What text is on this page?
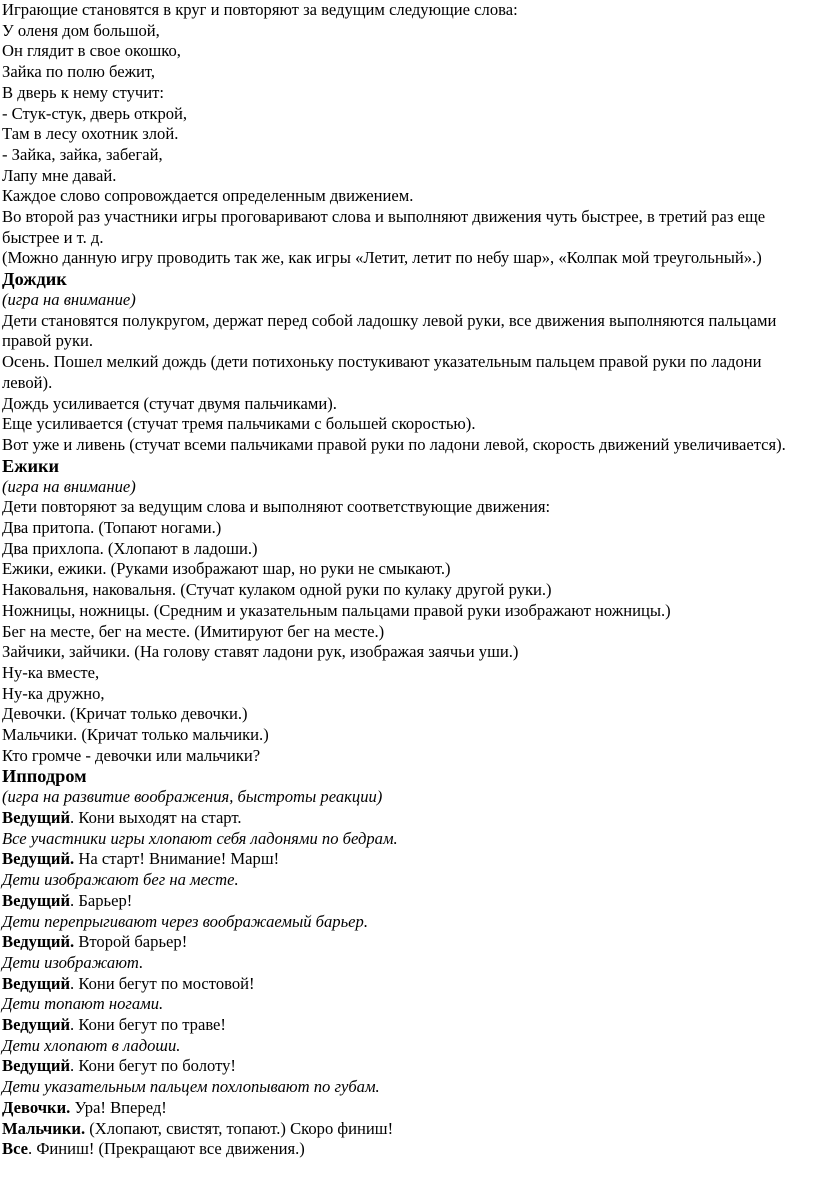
Играющие становятся в круг и повторяют за ведущим следующие слова:

У оленя дом большой,

Он глядит в свое окошко,

Зайка по полю бежит,

В дверь к нему стучит:

- Стук-стук, дверь открой,

Там в лесу охотник злой.

- Зайка, зайка, забегай,

Лапу мне давай.

Каждое слово сопровождается определенным движением.

Во второй раз участники игры проговаривают слова и выполняют движения чуть быстрее, в третий раз еще быстрее и т. д.

(Можно данную игру проводить так же, как игры «Летит, летит по небу шар», «Колпак мой треугольный».)

Дождик

(игра на внимание)

Дети становятся полукругом, держат перед собой ладошку левой руки, все движения выполняются пальцами правой руки.

Осень. Пошел мелкий дождь (дети потихоньку постукивают указательным пальцем правой руки по ладони левой).

Дождь усиливается (стучат двумя пальчиками).

Еще усиливается (стучат тремя пальчиками с большей скоростью).

Вот уже и ливень (стучат всеми пальчиками правой руки по ладони левой, скорость движений увеличивается).

Ежики

(игра на внимание)

Дети повторяют за ведущим слова и выполняют соответствующие движения:

Два притопа. (Топают ногами.)

Два прихлопа. (Хлопают в ладоши.)

Ежики, ежики. (Руками изображают шар, но руки не смыкают.)

Наковальня, наковальня. (Стучат кулаком одной руки по кулаку другой руки.)

Ножницы, ножницы. (Средним и указательным пальцами правой руки изображают ножницы.)

Бег на месте, бег на месте. (Имитируют бег на месте.)

Зайчики, зайчики. (На голову ставят ладони рук, изображая заячьи уши.)

Ну-ка вместе,

Ну-ка дружно,

Девочки. (Кричат только девочки.)

Мальчики. (Кричат только мальчики.)

Кто громче - девочки или мальчики?

Ипподром

(игра на развитие воображения, быстроты реакции)

Ведущий. Кони выходят на старт.

Все участники игры хлопают себя ладонями по бедрам.

Ведущий. На старт! Внимание! Марш!

Дети изображают бег на месте.

Ведущий. Барьер!

Дети перепрыгивают через воображаемый барьер.

Ведущий. Второй барьер!

Дети изображают.

Ведущий. Кони бегут по мостовой!

Дети топают ногами.

Ведущий. Кони бегут по траве!

Дети хлопают в ладоши.

Ведущий. Кони бегут по болоту!

Дети указательным пальцем похлопывают по губам.

Девочки. Ура! Вперед!

Мальчики. (Хлопают, свистят, топают.) Скоро финиш!

Все. Финиш! (Прекращают все движения.)
